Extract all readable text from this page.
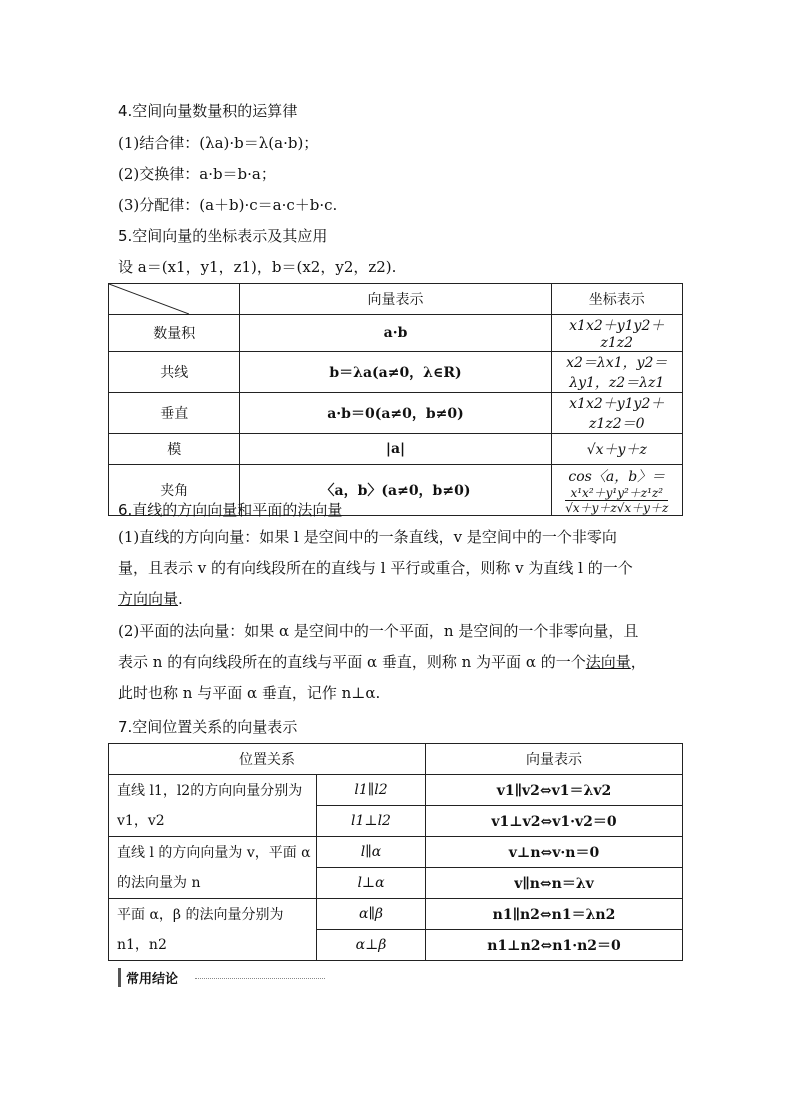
4.空间向量数量积的运算律
(1)结合律：(λa)·b＝λ(a·b)；
(2)交换律：a·b＝b·a；
(3)分配律：(a＋b)·c＝a·c＋b·c.
5.空间向量的坐标表示及其应用
设 a＝(x1，y1，z1)，b＝(x2，y2，z2).
	向量表示	坐标表示
数量积	a·b	x1x2＋y1y2＋z1z2
共线	b＝λa(a≠0，λ∈R)	x2＝λx1，y2＝λy1，z2＝λz1
垂直	a·b＝0(a≠0，b≠0)	x1x2＋y1y2＋z1z2＝0
模	|a|	√x＋y＋z
夹角	〈a，b〉(a≠0，b≠0)	cos〈a，b〉＝
$\frac{\text{x¹x²＋y¹y²＋z¹z²}}{√x+y+z√x+y+z}$
6.直线的方向向量和平面的法向量
(1)直线的方向向量：如果 l 是空间中的一条直线，v 是空间中的一个非零向
量，且表示 v 的有向线段所在的直线与 l 平行或重合，则称 v 为直线 l 的一个
方向向量.
(2)平面的法向量：如果 α 是空间中的一个平面，n 是空间的一个非零向量，且
表示 n 的有向线段所在的直线与平面 α 垂直，则称 n 为平面 α 的一个法向量，
此时也称 n 与平面 α 垂直，记作 n⊥α.
7.空间位置关系的向量表示
位置关系		向量表示
直线 l1，l2的方向向量分别为 v1，v2	l1∥l2	v1∥v2⇔v1＝λv2
	l1⊥l2	v1⊥v2⇔v1·v2＝0
直线 l 的方向向量为 v，平面 α 的法向量为 n	l∥α	v⊥n⇔v·n＝0
	l⊥α	v∥n⇔n＝λv
平面 α，β 的法向量分别为 n1，n2	α∥β	n1∥n2⇔n1＝λn2
	α⊥β	n1⊥n2⇔n1·n2＝0
常用结论
